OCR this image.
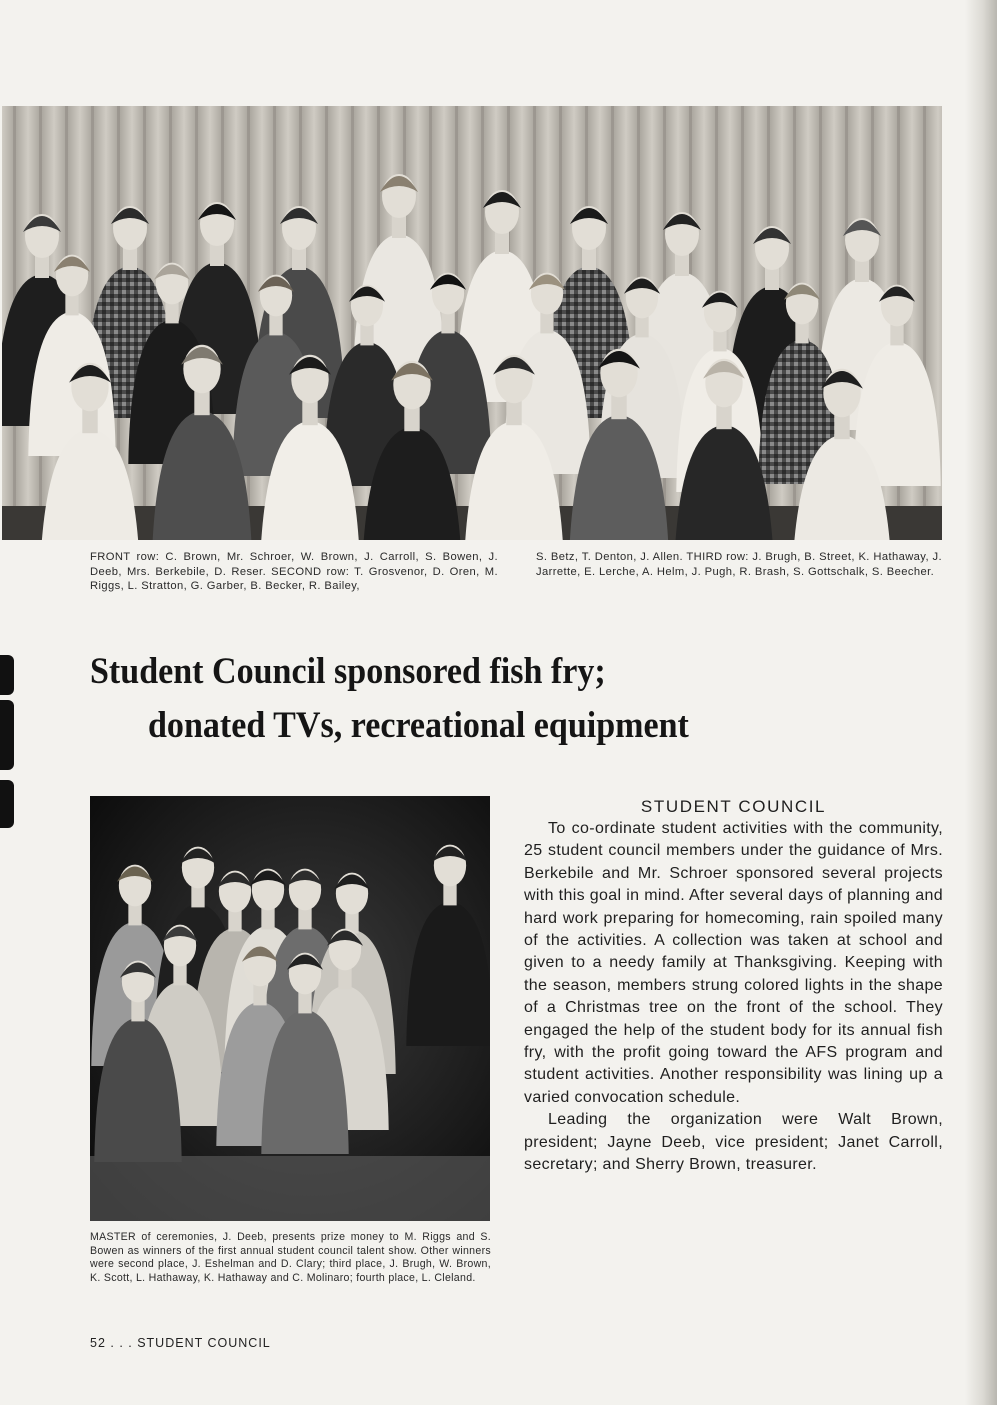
FRONT row: C. Brown, Mr. Schroer, W. Brown, J. Carroll, S. Bowen, J. Deeb, Mrs. Berkebile, D. Reser. SECOND row: T. Grosvenor, D. Oren, M. Riggs, L. Stratton, G. Garber, B. Becker, R. Bailey,
S. Betz, T. Denton, J. Allen. THIRD row: J. Brugh, B. Street, K. Hathaway, J. Jarrette, E. Lerche, A. Helm, J. Pugh, R. Brash, S. Gottschalk, S. Beecher.
Student Council sponsored fish fry;
donated TVs, recreational equipment
MASTER of ceremonies, J. Deeb, presents prize money to M. Riggs and S. Bowen as winners of the first annual student council talent show. Other winners were second place, J. Eshelman and D. Clary; third place, J. Brugh, W. Brown, K. Scott, L. Hathaway, K. Hathaway and C. Molinaro; fourth place, L. Cleland.
STUDENT COUNCIL

To co-ordinate student activities with the community, 25 student council members under the guidance of Mrs. Berkebile and Mr. Schroer sponsored several projects with this goal in mind. After several days of planning and hard work preparing for homecoming, rain spoiled many of the activities. A collection was taken at school and given to a needy family at Thanksgiving. Keeping with the season, members strung colored lights in the shape of a Christmas tree on the front of the school. They engaged the help of the student body for its annual fish fry, with the profit going toward the AFS program and student activities. Another responsibility was lining up a varied convocation schedule.

Leading the organization were Walt Brown, president; Jayne Deeb, vice president; Janet Carroll, secretary; and Sherry Brown, treasurer.

52 . . . STUDENT COUNCIL
